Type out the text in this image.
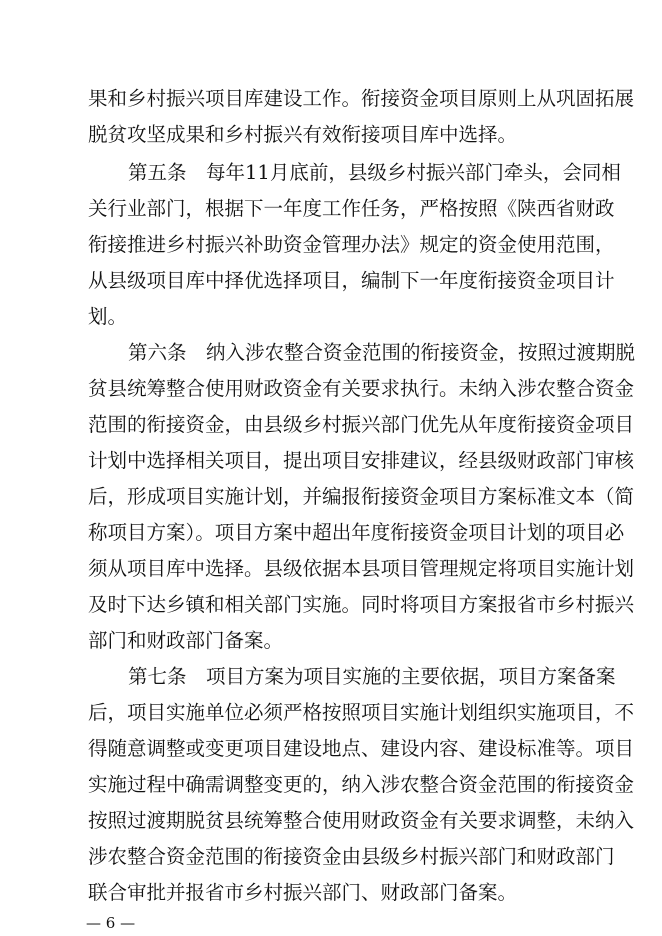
果和乡村振兴项目库建设工作。衔接资金项目原则上从巩固拓展
脱贫攻坚成果和乡村振兴有效衔接项目库中选择。
第五条　每年11月底前，县级乡村振兴部门牵头，会同相
关行业部门，根据下一年度工作任务，严格按照《陕西省财政
衔接推进乡村振兴补助资金管理办法》规定的资金使用范围，
从县级项目库中择优选择项目，编制下一年度衔接资金项目计
划。
第六条　纳入涉农整合资金范围的衔接资金，按照过渡期脱
贫县统筹整合使用财政资金有关要求执行。未纳入涉农整合资金
范围的衔接资金，由县级乡村振兴部门优先从年度衔接资金项目
计划中选择相关项目，提出项目安排建议，经县级财政部门审核
后，形成项目实施计划，并编报衔接资金项目方案标准文本（简
称项目方案）。项目方案中超出年度衔接资金项目计划的项目必
须从项目库中选择。县级依据本县项目管理规定将项目实施计划
及时下达乡镇和相关部门实施。同时将项目方案报省市乡村振兴
部门和财政部门备案。
第七条　项目方案为项目实施的主要依据，项目方案备案
后，项目实施单位必须严格按照项目实施计划组织实施项目，不
得随意调整或变更项目建设地点、建设内容、建设标准等。项目
实施过程中确需调整变更的，纳入涉农整合资金范围的衔接资金
按照过渡期脱贫县统筹整合使用财政资金有关要求调整，未纳入
涉农整合资金范围的衔接资金由县级乡村振兴部门和财政部门
联合审批并报省市乡村振兴部门、财政部门备案。
— 6 —
